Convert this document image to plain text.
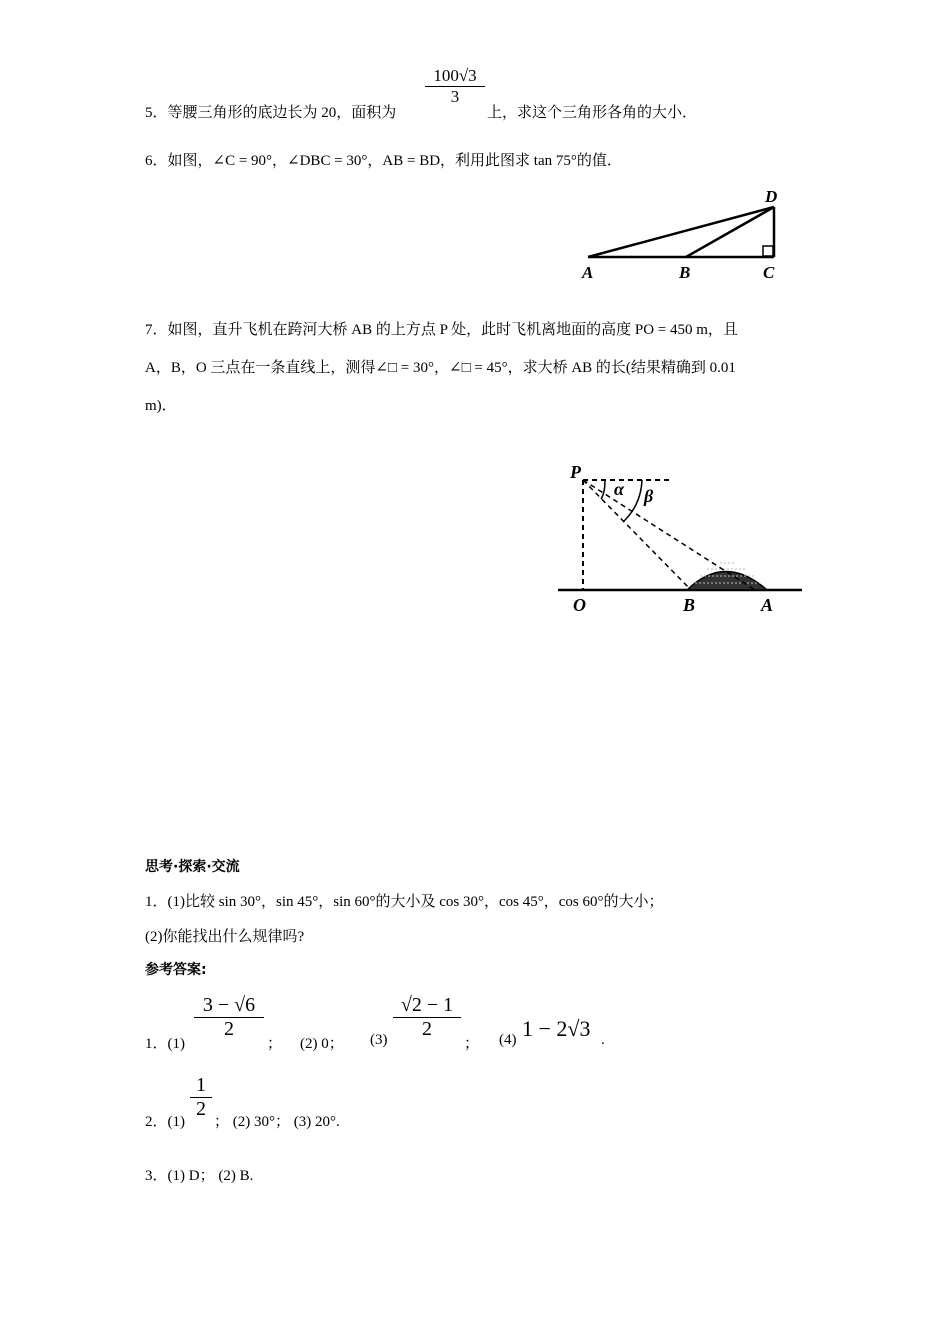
5．等腰三角形的底边长为 20，面积为
$\frac{100√3}{3}$
上，求这个三角形各角的大小．
6．如图，∠C = 90°，∠DBC = 30°，AB = BD，利用此图求 tan 75°的值．
A	B	C
D
7．如图，直升飞机在跨河大桥 AB 的上方点 P 处，此时飞机离地面的高度 PO = 450 m，且
A，B，O 三点在一条直线上，测得∠□ = 30°，∠□ = 45°，求大桥 AB 的长(结果精确到 0.01
m)．
P
α β
O	B	A
思考·探索·交流
1．(1)比较 sin 30°，sin 45°，sin 60°的大小及 cos 30°，cos 45°，cos 60°的大小；
(2)你能找出什么规律吗?
参考答案:
1．(1)
$\frac{3 - √6}{2}$
； (2) 0； $(3) \frac{√2 - 1}{2}$
； (4) 1 − 2√3 .
2．(1)
$\frac{1}{2}$
； (2) 30°； (3) 20°.
3．(1) D； (2) B.
